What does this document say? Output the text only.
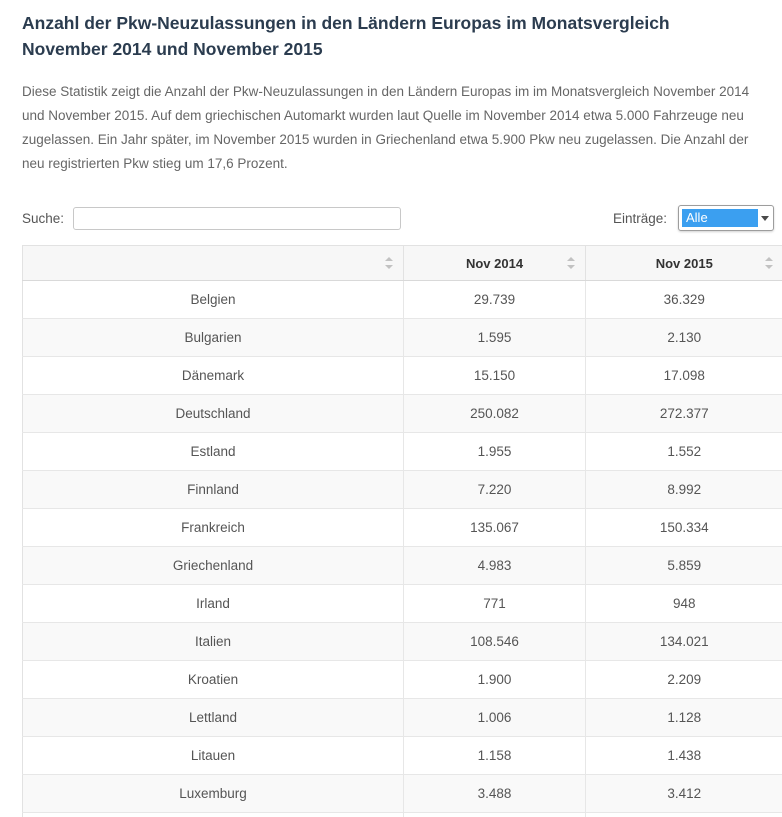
Anzahl der Pkw-Neuzulassungen in den Ländern Europas im Monatsvergleich November 2014 und November 2015

Diese Statistik zeigt die Anzahl der Pkw-Neuzulassungen in den Ländern Europas im im Monatsvergleich November 2014 und November 2015. Auf dem griechischen Automarkt wurden laut Quelle im November 2014 etwa 5.000 Fahrzeuge neu zugelassen. Ein Jahr später, im November 2015 wurden in Griechenland etwa 5.900 Pkw neu zugelassen. Die Anzahl der neu registrierten Pkw stieg um 17,6 Prozent.

Suche:	Einträge:	Alle
	Nov 2014	Nov 2015

Belgien	29.739	36.329
Bulgarien	1.595	2.130
Dänemark	15.150	17.098
Deutschland	250.082	272.377
Estland	1.955	1.552
Finnland	7.220	8.992
Frankreich	135.067	150.334
Griechenland	4.983	5.859
Irland	771	948
Italien	108.546	134.021
Kroatien	1.900	2.209
Lettland	1.006	1.128
Litauen	1.158	1.438
Luxemburg	3.488	3.412
